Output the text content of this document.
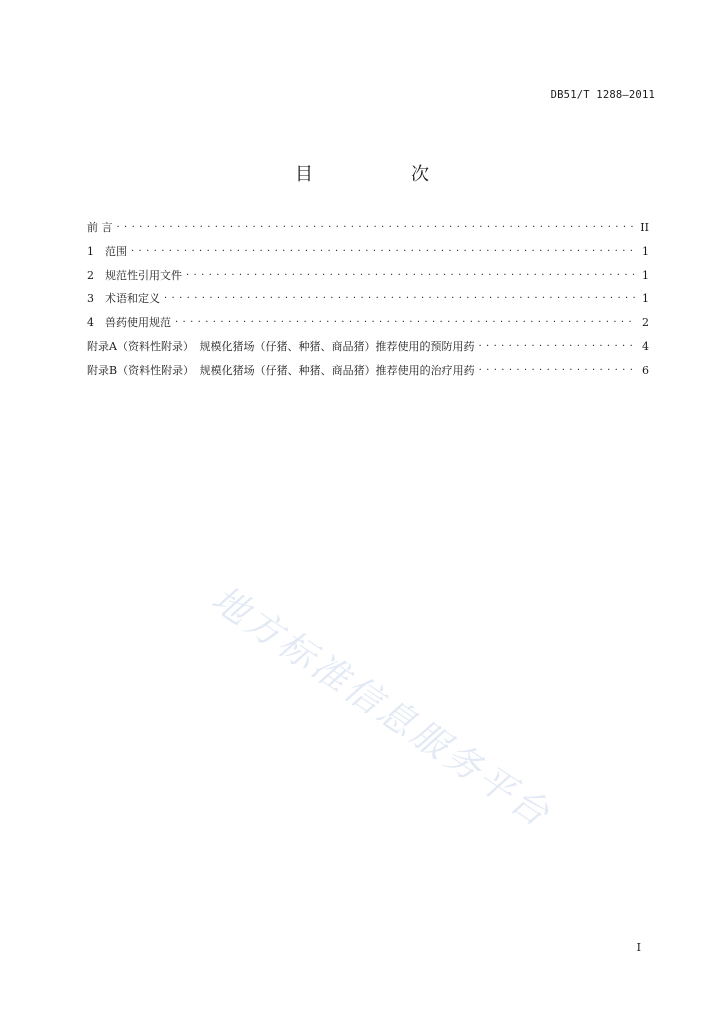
DB51/T 1288—2011
目　次
前 言 . . .	II
1　范围 . . .	1
2　规范性引用文件 . . .	1
3　术语和定义 . . .	1
4　兽药使用规范 . . .	2
附录A（资料性附录）　规模化猪场（仔猪、种猪、商品猪）推荐使用的预防用药 . . .	4
附录B（资料性附录）　规模化猪场（仔猪、种猪、商品猪）推荐使用的治疗用药 . . .	6
地方标准信息服务平台
I
